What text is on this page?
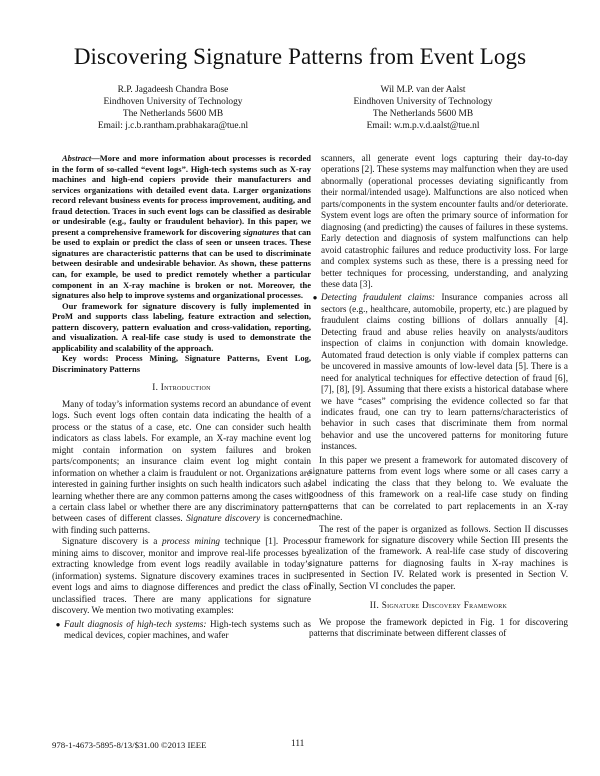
Discovering Signature Patterns from Event Logs
R.P. Jagadeesh Chandra Bose
Eindhoven University of Technology
The Netherlands 5600 MB
Email: j.c.b.rantham.prabhakara@tue.nl
Wil M.P. van der Aalst
Eindhoven University of Technology
The Netherlands 5600 MB
Email: w.m.p.v.d.aalst@tue.nl

Abstract—More and more information about processes is recorded in the form of so-called “event logs”. High-tech systems such as X-ray machines and high-end copiers provide their manufacturers and services organizations with detailed event data. Larger organizations record relevant business events for process improvement, auditing, and fraud detection. Traces in such event logs can be classified as desirable or undesirable (e.g., faulty or fraudulent behavior). In this paper, we present a comprehensive framework for discovering signatures that can be used to explain or predict the class of seen or unseen traces. These signatures are characteristic patterns that can be used to discriminate between desirable and undesirable behavior. As shown, these patterns can, for example, be used to predict remotely whether a particular component in an X-ray machine is broken or not. Moreover, the signatures also help to improve systems and organizational processes.

Our framework for signature discovery is fully implemented in ProM and supports class labeling, feature extraction and selection, pattern discovery, pattern evaluation and cross-validation, reporting, and visualization. A real-life case study is used to demonstrate the applicability and scalability of the approach.

Key words: Process Mining, Signature Patterns, Event Log, Discriminatory Patterns

I. Introduction

Many of today’s information systems record an abundance of event logs. Such event logs often contain data indicating the health of a process or the status of a case, etc. One can consider such health indicators as class labels. For example, an X-ray machine event log might contain information on system failures and broken parts/components; an insurance claim event log might contain information on whether a claim is fraudulent or not. Organizations are interested in gaining further insights on such health indicators such as learning whether there are any common patterns among the cases with a certain class label or whether there are any discriminatory patterns between cases of different classes. Signature discovery is concerned with finding such patterns.

Signature discovery is a process mining technique [1]. Process mining aims to discover, monitor and improve real-life processes by extracting knowledge from event logs readily available in today’s (information) systems. Signature discovery examines traces in such event logs and aims to diagnose differences and predict the class of unclassified traces. There are many applications for signature discovery. We mention two motivating examples:

● Fault diagnosis of high-tech systems: High-tech systems such as medical devices, copier machines, and wafer
scanners, all generate event logs capturing their day-to-day operations [2]. These systems may malfunction when they are used abnormally (operational processes deviating significantly from their normal/intended usage). Malfunctions are also noticed when parts/components in the system encounter faults and/or deteriorate. System event logs are often the primary source of information for diagnosing (and predicting) the causes of failures in these systems. Early detection and diagnosis of system malfunctions can help avoid catastrophic failures and reduce productivity loss. For large and complex systems such as these, there is a pressing need for better techniques for processing, understanding, and analyzing these data [3].
● Detecting fraudulent claims: Insurance companies across all sectors (e.g., healthcare, automobile, property, etc.) are plagued by fraudulent claims costing billions of dollars annually [4]. Detecting fraud and abuse relies heavily on analysts/auditors inspection of claims in conjunction with domain knowledge. Automated fraud detection is only viable if complex patterns can be uncovered in massive amounts of low-level data [5]. There is a need for analytical techniques for effective detection of fraud [6], [7], [8], [9]. Assuming that there exists a historical database where we have “cases” comprising the evidence collected so far that indicates fraud, one can try to learn patterns/characteristics of behavior in such cases that discriminate them from normal behavior and use the uncovered patterns for monitoring future instances.

In this paper we present a framework for automated discovery of signature patterns from event logs where some or all cases carry a label indicating the class that they belong to. We evaluate the goodness of this framework on a real-life case study on finding patterns that can be correlated to part replacements in an X-ray machine.

The rest of the paper is organized as follows. Section II discusses our framework for signature discovery while Section III presents the realization of the framework. A real-life case study of discovering signature patterns for diagnosing faults in X-ray machines is presented in Section IV. Related work is presented in Section V. Finally, Section VI concludes the paper.

II. Signature Discovery Framework

We propose the framework depicted in Fig. 1 for discovering patterns that discriminate between different classes of

978-1-4673-5895-8/13/$31.00 ©2013 IEEE	111
